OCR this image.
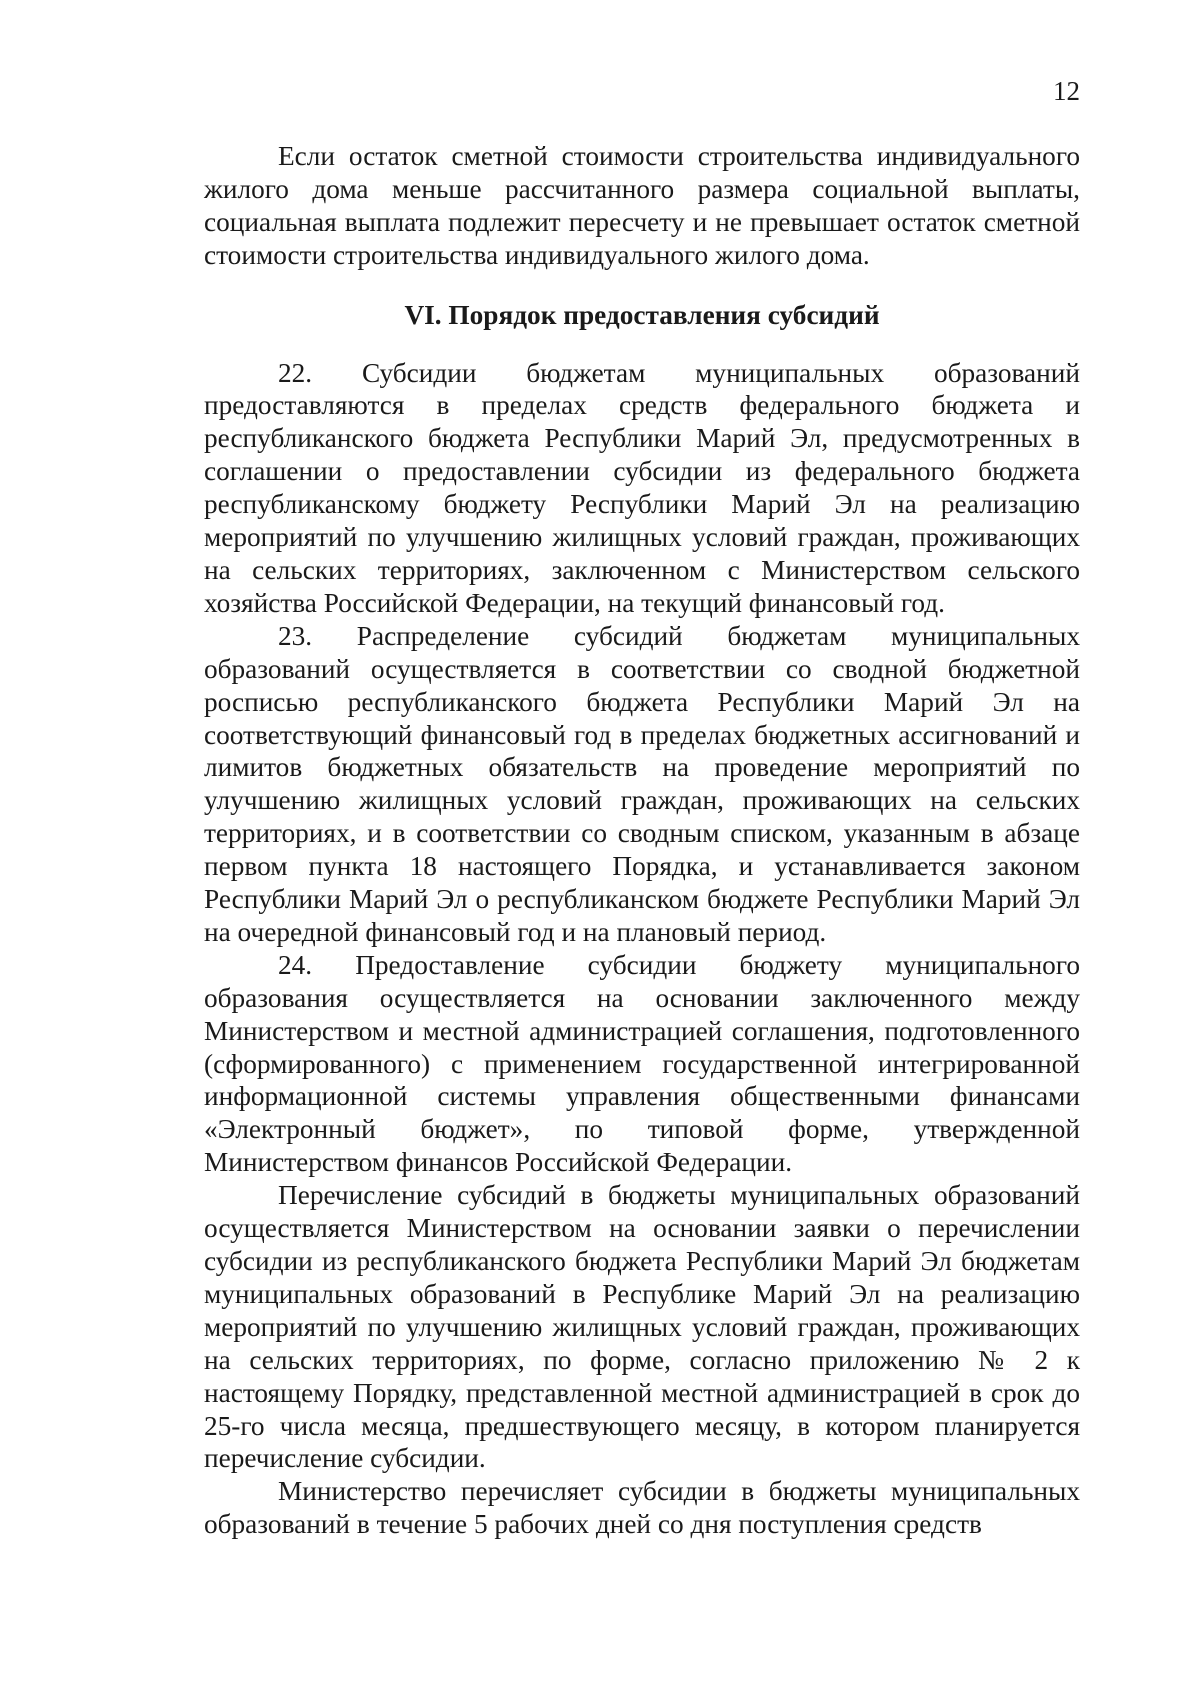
12

Если остаток сметной стоимости строительства индивидуального жилого дома меньше рассчитанного размера социальной выплаты, социальная выплата подлежит пересчету и не превышает остаток сметной стоимости строительства индивидуального жилого дома.

VI. Порядок предоставления субсидий

22. Субсидии бюджетам муниципальных образований предоставляются в пределах средств федерального бюджета и республиканского бюджета Республики Марий Эл, предусмотренных в соглашении о предоставлении субсидии из федерального бюджета республиканскому бюджету Республики Марий Эл на реализацию мероприятий по улучшению жилищных условий граждан, проживающих на сельских территориях, заключенном с Министерством сельского хозяйства Российской Федерации, на текущий финансовый год.

23. Распределение субсидий бюджетам муниципальных образований осуществляется в соответствии со сводной бюджетной росписью республиканского бюджета Республики Марий Эл на соответствующий финансовый год в пределах бюджетных ассигнований и лимитов бюджетных обязательств на проведение мероприятий по улучшению жилищных условий граждан, проживающих на сельских территориях, и в соответствии со сводным списком, указанным в абзаце первом пункта 18 настоящего Порядка, и устанавливается законом Республики Марий Эл о республиканском бюджете Республики Марий Эл на очередной финансовый год и на плановый период.

24. Предоставление субсидии бюджету муниципального образования осуществляется на основании заключенного между Министерством и местной администрацией соглашения, подготовленного (сформированного) с применением государственной интегрированной информационной системы управления общественными финансами «Электронный бюджет», по типовой форме, утвержденной Министерством финансов Российской Федерации.

Перечисление субсидий в бюджеты муниципальных образований осуществляется Министерством на основании заявки о перечислении субсидии из республиканского бюджета Республики Марий Эл бюджетам муниципальных образований в Республике Марий Эл на реализацию мероприятий по улучшению жилищных условий граждан, проживающих на сельских территориях, по форме, согласно приложению № 2 к настоящему Порядку, представленной местной администрацией в срок до 25-го числа месяца, предшествующего месяцу, в котором планируется перечисление субсидии.

Министерство перечисляет субсидии в бюджеты муниципальных образований в течение 5 рабочих дней со дня поступления средств
